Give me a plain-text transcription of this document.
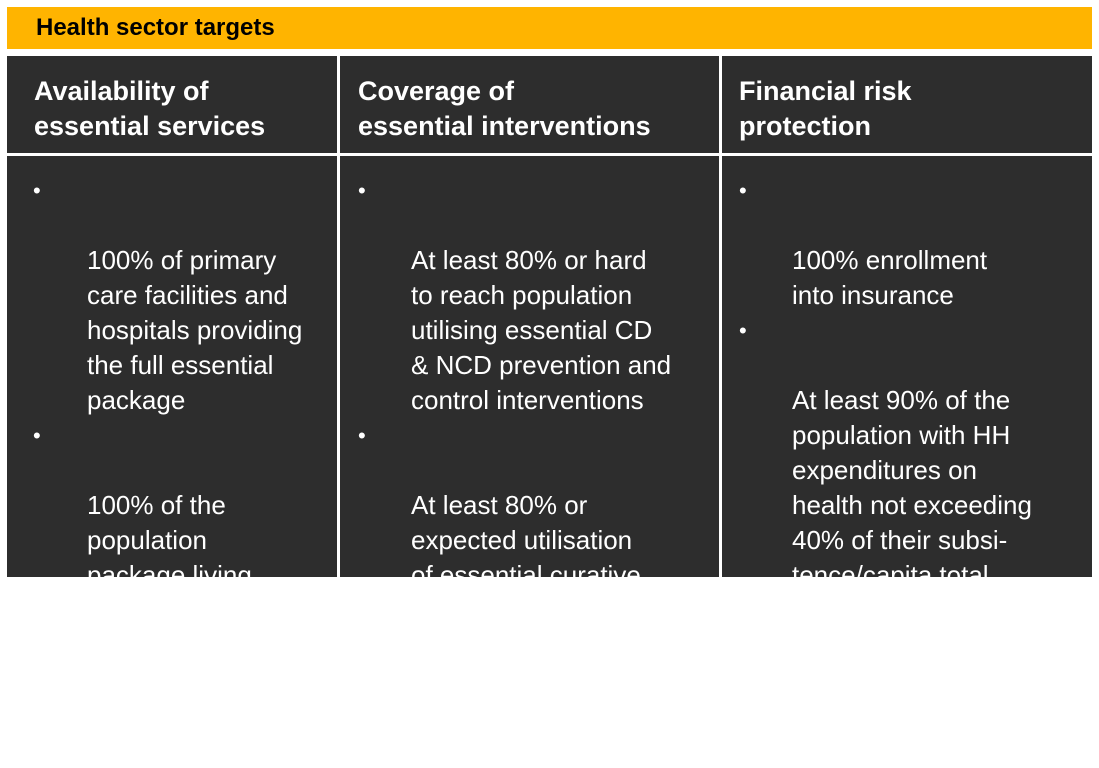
Health sector targets
Availability of
essential services
Coverage of
essential interventions
Financial risk
protection

•

100% of primary
care facilities and
hospitals providing
the full essential
package

•

100% of the
population
package living
within 5 miles of
service unit

•

At least 80% or hard
to reach population
utilising essential CD
& NCD prevention and
control interventions

•

At least 80% or
expected utilisation
of essential curative
interventions amongst
hard to reach
populations

•

100% enrollment
into insurance

•

At least 90% of the
population with HH
expenditures on
health not exceeding
40% of their subsi-
tence/capita total
HH consumption

•

50% reduction in out
of pocket payment
